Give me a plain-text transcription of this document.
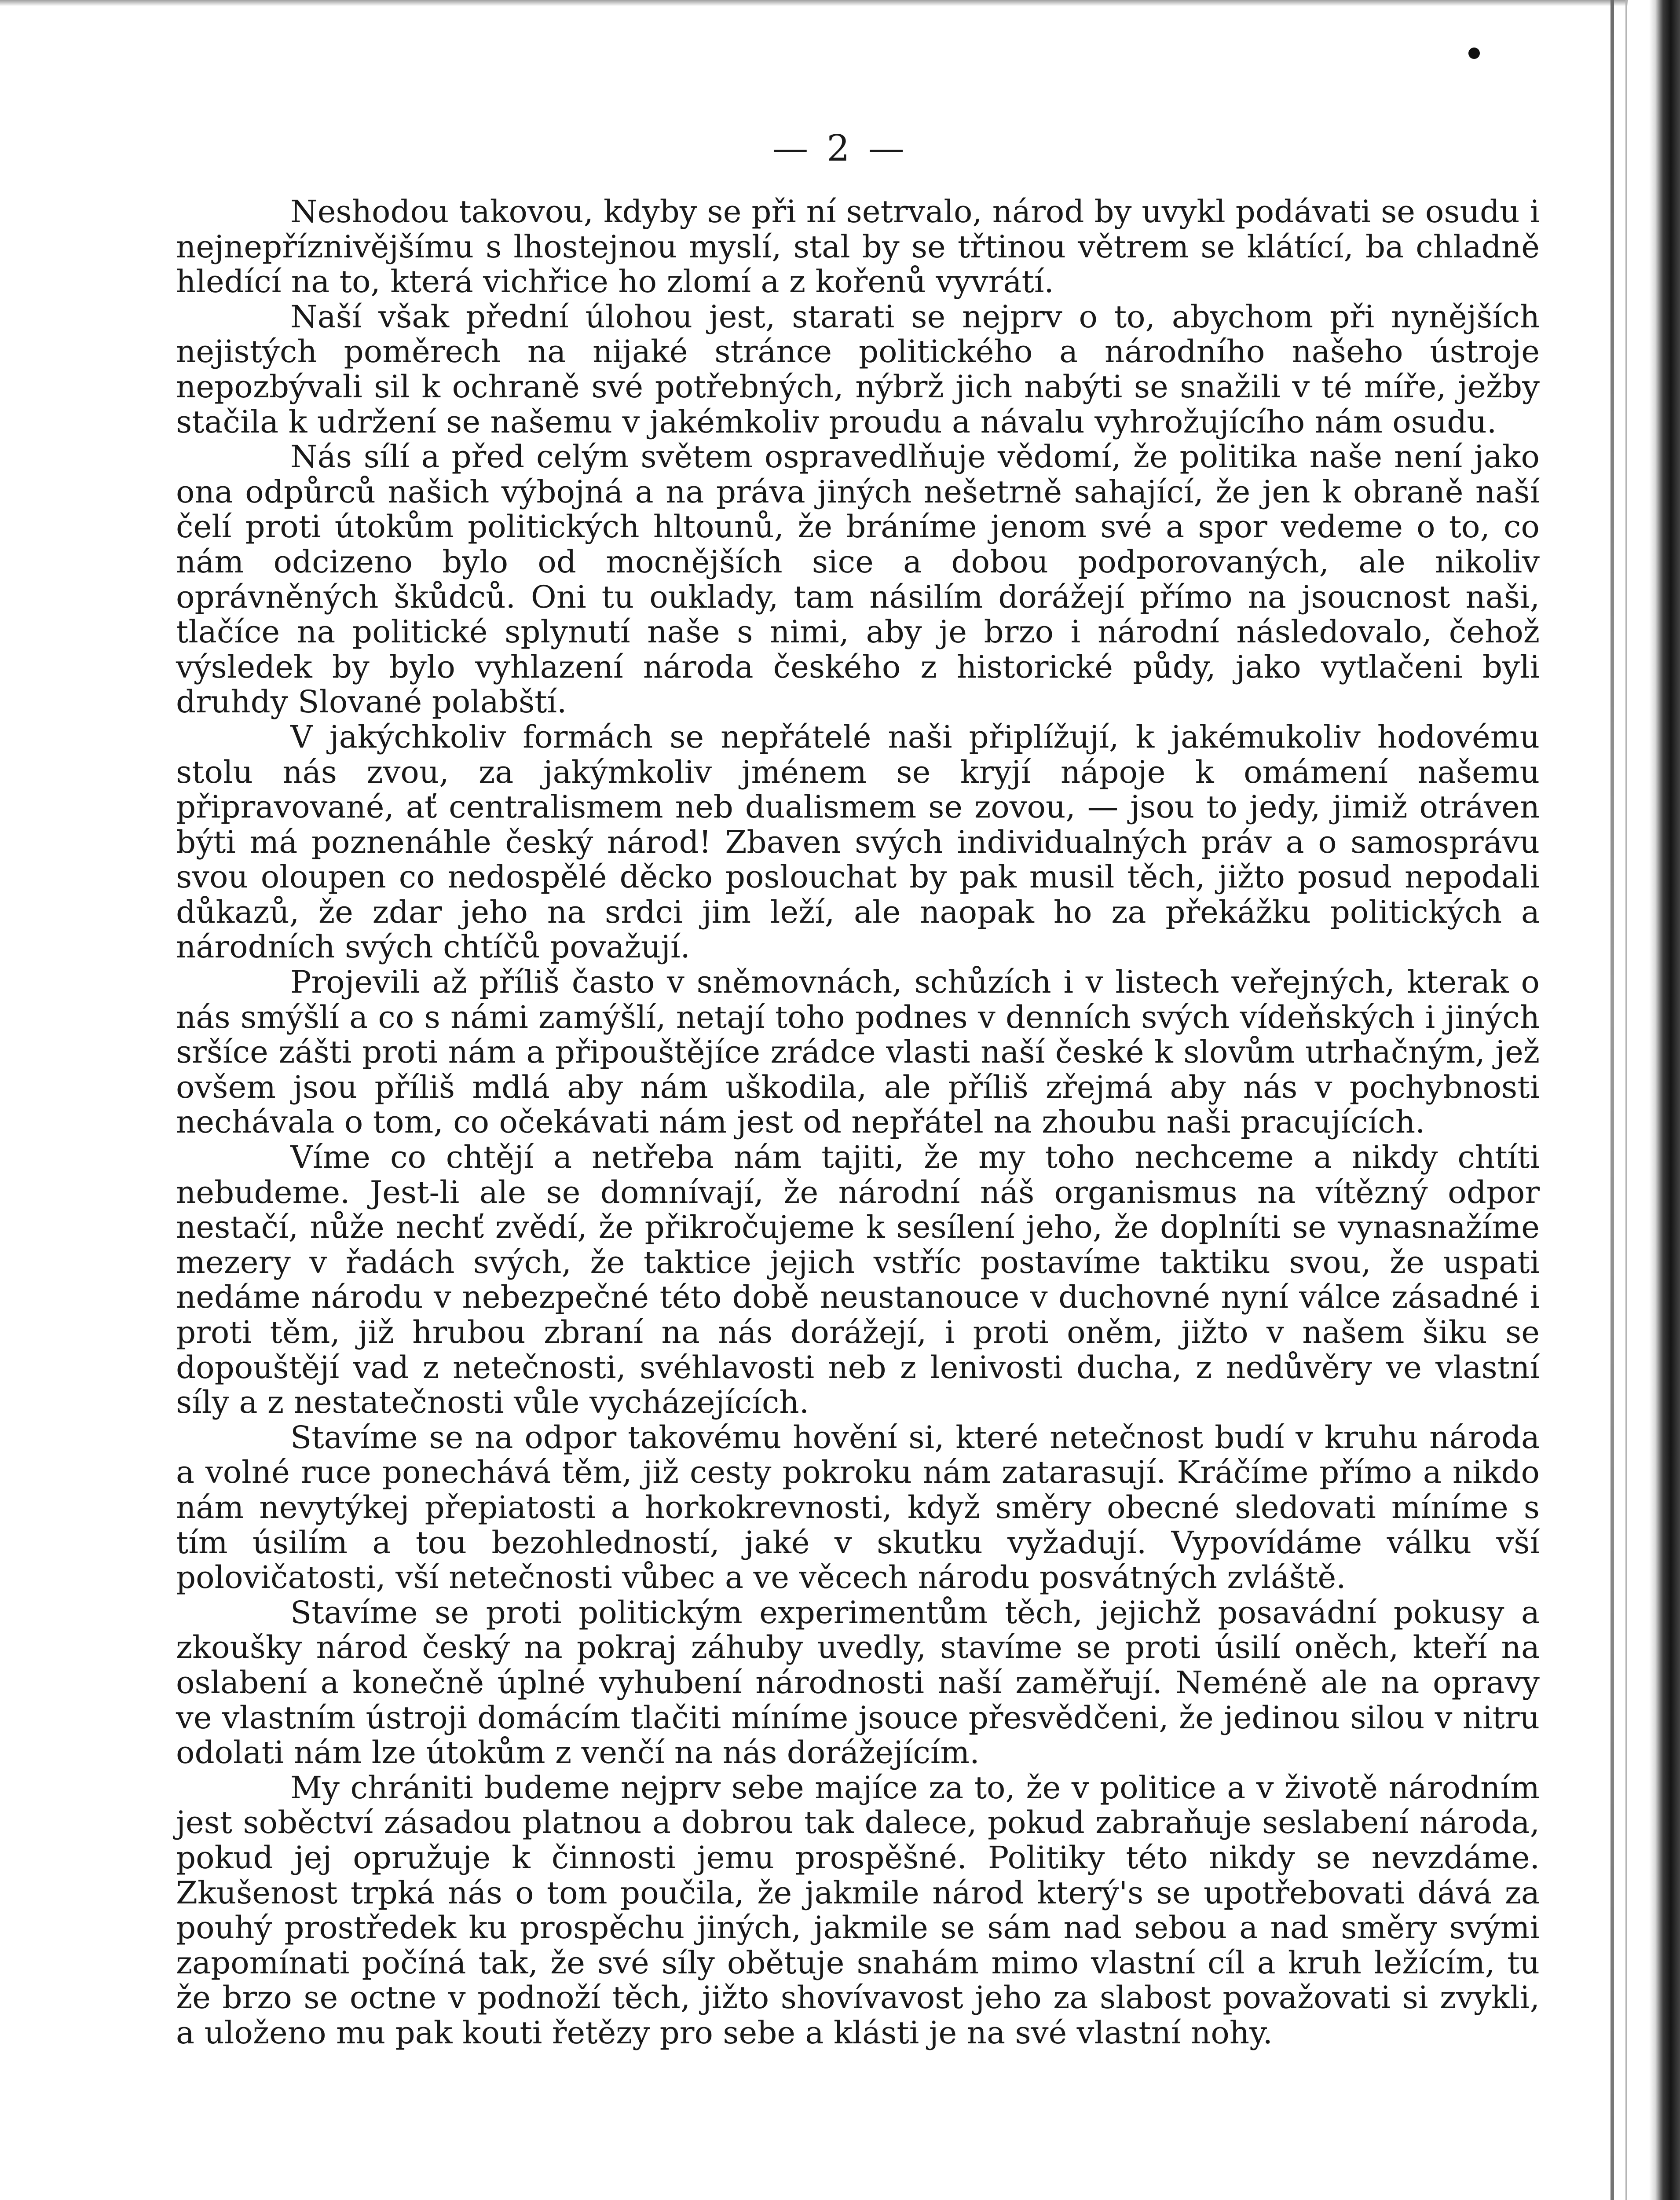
— 2 —

Neshodou takovou, kdyby se při ní setrvalo, národ by uvykl podávati se osudu i nejnepříznivějšímu s lhostejnou myslí, stal by se třtinou větrem se klátící, ba chladně hledící na to, která vichřice ho zlomí a z kořenů vyvrátí.

Naší však přední úlohou jest, starati se nejprv o to, abychom při nynějších nejistých poměrech na nijaké stránce politického a národního našeho ústroje nepozbývali sil k ochraně své potřebných, nýbrž jich nabýti se snažili v té míře, ježby stačila k udržení se našemu v jakémkoliv proudu a návalu vyhrožujícího nám osudu.

Nás sílí a před celým světem ospravedlňuje vědomí, že politika naše není jako ona odpůrců našich výbojná a na práva jiných nešetrně sahající, že jen k obraně naší čelí proti útokům politických hltounů, že bráníme jenom své a spor vedeme o to, co nám odcizeno bylo od mocnějších sice a dobou podporovaných, ale nikoliv oprávněných škůdců. Oni tu ouklady, tam násilím dorážejí přímo na jsoucnost naši, tlačíce na politické splynutí naše s nimi, aby je brzo i národní následovalo, čehož výsledek by bylo vyhlazení národa českého z historické půdy, jako vytlačeni byli druhdy Slované polabští.

V jakýchkoliv formách se nepřátelé naši připlížují, k jakémukoliv hodovému stolu nás zvou, za jakýmkoliv jménem se kryjí nápoje k omámení našemu připravované, ať centralismem neb dualismem se zovou, — jsou to jedy, jimiž otráven býti má poznenáhle český národ! Zbaven svých individualných práv a o samosprávu svou oloupen co nedospělé děcko poslouchat by pak musil těch, jižto posud nepodali důkazů, že zdar jeho na srdci jim leží, ale naopak ho za překážku politických a národních svých chtíčů považují.

Projevili až příliš často v sněmovnách, schůzích i v listech veřejných, kterak o nás smýšlí a co s námi zamýšlí, netají toho podnes v denních svých vídeňských i jiných sršíce zášti proti nám a připouštějíce zrádce vlasti naší české k slovům utrhačným, jež ovšem jsou příliš mdlá aby nám uškodila, ale příliš zřejmá aby nás v pochybnosti nechávala o tom, co očekávati nám jest od nepřátel na zhoubu naši pracujících.

Víme co chtějí a netřeba nám tajiti, že my toho nechceme a nikdy chtíti nebudeme. Jest-li ale se domnívají, že národní náš organismus na vítězný odpor nestačí, nůže nechť zvědí, že přikročujeme k sesílení jeho, že doplníti se vynasnažíme mezery v řadách svých, že taktice jejich vstříc postavíme taktiku svou, že uspati nedáme národu v nebezpečné této době neustanouce v duchovné nyní válce zásadné i proti těm, již hrubou zbraní na nás dorážejí, i proti oněm, jižto v našem šiku se dopouštějí vad z netečnosti, svéhlavosti neb z lenivosti ducha, z nedůvěry ve vlastní síly a z nestatečnosti vůle vycházejících.

Stavíme se na odpor takovému hovění si, které netečnost budí v kruhu národa a volné ruce ponechává těm, již cesty pokroku nám zatarasují. Kráčíme přímo a nikdo nám nevytýkej přepiatosti a horkokrevnosti, když směry obecné sledovati míníme s tím úsilím a tou bezohledností, jaké v skutku vyžadují. Vypovídáme válku vší polovičatosti, vší netečnosti vůbec a ve věcech národu posvátných zvláště.

Stavíme se proti politickým experimentům těch, jejichž posavádní pokusy a zkoušky národ český na pokraj záhuby uvedly, stavíme se proti úsilí oněch, kteří na oslabení a konečně úplné vyhubení národnosti naší zaměřují. Neméně ale na opravy ve vlastním ústroji domácím tlačiti míníme jsouce přesvědčeni, že jedinou silou v nitru odolati nám lze útokům z venčí na nás dorážejícím.

My chrániti budeme nejprv sebe majíce za to, že v politice a v životě národním jest soběctví zásadou platnou a dobrou tak dalece, pokud zabraňuje seslabení národa, pokud jej opružuje k činnosti jemu prospěšné. Politiky této nikdy se nevzdáme. Zkušenost trpká nás o tom poučila, že jakmile národ který's se upotřebovati dává za pouhý prostředek ku prospěchu jiných, jakmile se sám nad sebou a nad směry svými zapomínati počíná tak, že své síly obětuje snahám mimo vlastní cíl a kruh ležícím, tu že brzo se octne v podnoží těch, jižto shovívavost jeho za slabost považovati si zvykli, a uloženo mu pak kouti řetězy pro sebe a klásti je na své vlastní nohy.
